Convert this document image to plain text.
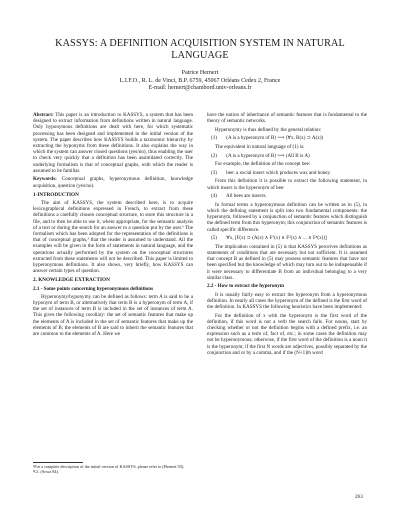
KASSYS: A DEFINITION ACQUISITION SYSTEM IN NATURAL LANGUAGE
Patrice Hernert
L.I.F.O., R. L. de Vinci, B.P. 6759, 45067 Orléans Cedex 2, France
E-mail: hernert@chambord.univ-orleans.fr

Abstract: This paper is an introduction to KASSYS, a system that has been designed to extract information from definitions written in natural language. Only hyponymous definitions are dealt with here, for which systematic processing has been designed and implemented in the initial version of the system. The paper describes how KASSYS builds a taxonomic hierarchy by extracting the hyponyms from these definitions. It also explains the way in which the system can answer closed questions (yes/no), thus enabling the user to check very quickly that a definition has been assimilated correctly. The underlying formalism is that of conceptual graphs, with which the reader is assumed to be familiar.

Keywords: Conceptual graphs, hyperonymous definition, knowledge acquisition, question (yes/no).

1-INTRODUCTION

The aim of KASSYS, the system described here, is to acquire lexicographical definitions expressed in French, to extract from these definitions a carefully chosen conceptual structure, to store this structure in a file, and to then be able to use it, where appropriate, for the semantic analysis of a text or during the search for an answer to a question put by the user.¹ The formalism which has been adopted for the representation of the definitions is that of conceptual graphs,² that the reader is assumed to understand. All the examples will be given in the form of statements in natural language, and the operations actually performed by the system on the conceptual structures extracted from these statements will not be described. This paper is limited to hyperonymous definitions. It also shows, very briefly, how KASSYS can answer certain types of question.

2. KNOWLEDGE EXTRACTION
2.1 - Some points concerning hyperonymous definitions

Hyperonymy/hyponymy can be defined as follows: term A is said to be a hyponym of term B, or alternatively that term B is a hyperonym of term A, if the set of instances of term B is included in the set of instances of term A. This gives the following corollary: the set of semantic features that make up the elements of A is included in the set of semantic features that make up the elements of B; the elements of B are said to inherit the semantic features that are common to the elements of A. Here we

¹For a complete description of the initial version of KASSYS, please refer to (Hernert 93).
²Cf. (Sowa 84).

have the notion of inheritance of semantic features that is fundamental to the theory of semantic networks.

Hyperonymy is thus defined by the general relation:

(1) (A is a hyperonym of B) ⟹ (∀x, B(x) ⊃ A(x))

The equivalent in natural language of (1) is:

(2) (A is a hyperonym of B) ⟹ (All B is A)

For example, the definition of the concept bee:

(3) bee: a social insect which produces wax and honey.

From this definition it is possible to extract the following statement, in which insect is the hyperonym of bee:

(4) All bees are insects.

In formal terms a hyperonymous definition can be written as in (5), in which the defining statement is split into two fundamental components: the hyperonym, followed by a conjunction of semantic features which distinguish the defined term from this hyperonym; this conjunction of semantic features is called specific difference.

(5) ∀x, [F(x) ⊃ (A(x) ∧ F¹(x) ∧ F²(x) ∧ ... ∧ Fⁿ(x))]

The implication contained in (5) is that KASSYS perceives definitions as statements of conditions that are necessary but not sufficient. It is assumed that concept B as defined in (5) may possess semantic features that have not been specified but the knowledge of which may turn out to be indispensable if it were necessary to differentiate B from an individual belonging to a very similar class.

2.2 - How to extract the hyperonym

It is usually fairly easy to extract the hyperonym from a hyperonymous definition. In nearly all cases the hyperonym of the defined is the first word of the definition. In KASSYS the following heuristics have been implemented:

For the definition of x with the hyperonym is the first word of the definition, if this word is not a verb the search fails. For nouns, start by checking whether or not the definition begins with a defined prefix, i.e. an expression such as a term of, fact of, etc.; in some cases the definition may not be hyperonymous; otherwise, if the first word of the definition is a noun it is the hyperonym; if the first N words are adjectives, possibly separated by the conjunction and or by a comma, and if the (N+1)th word

263
